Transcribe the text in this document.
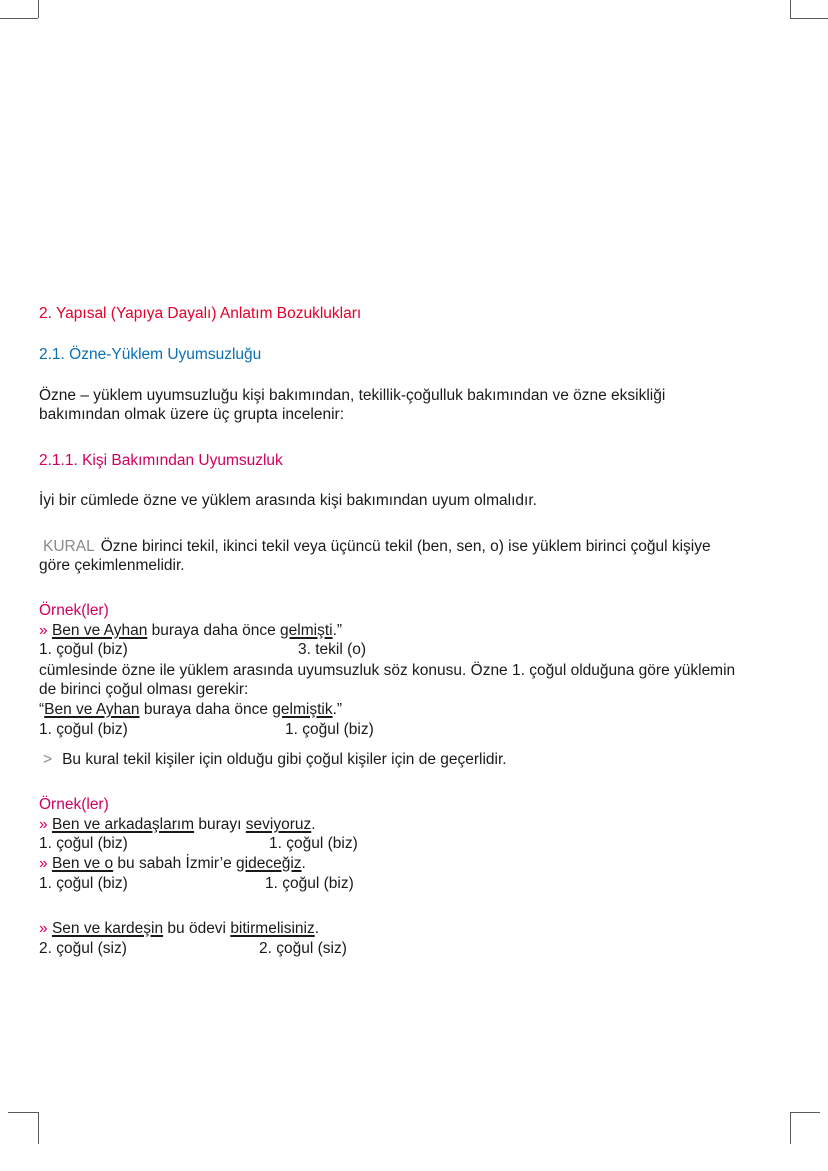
2. Yapısal (Yapıya Dayalı) Anlatım Bozuklukları
2.1. Özne-Yüklem Uyumsuzluğu
Özne – yüklem uyumsuzluğu kişi bakımından, tekillik-çoğulluk bakımından ve özne eksikliği
bakımından olmak üzere üç grupta incelenir:
2.1.1. Kişi Bakımından Uyumsuzluk
İyi bir cümlede özne ve yüklem arasında kişi bakımından uyum olmalıdır.
KURAL Özne birinci tekil, ikinci tekil veya üçüncü tekil (ben, sen, o) ise yüklem birinci çoğul kişiye
göre çekimlenmelidir.
Örnek(ler)
» Ben ve Ayhan buraya daha önce gelmişti.”
1. çoğul (biz)	3. tekil (o)
cümlesinde özne ile yüklem arasında uyumsuzluk söz konusu. Özne 1. çoğul olduğuna göre yüklemin
de birinci çoğul olması gerekir:
“Ben ve Ayhan buraya daha önce gelmiştik.”
1. çoğul (biz)	1. çoğul (biz)
> Bu kural tekil kişiler için olduğu gibi çoğul kişiler için de geçerlidir.
Örnek(ler)
» Ben ve arkadaşlarım burayı seviyoruz.
1. çoğul (biz)	1. çoğul (biz)
» Ben ve o bu sabah İzmir’e gideceğiz.
1. çoğul (biz)	1. çoğul (biz)
» Sen ve kardeşin bu ödevi bitirmelisiniz.
2. çoğul (siz)	2. çoğul (siz)
